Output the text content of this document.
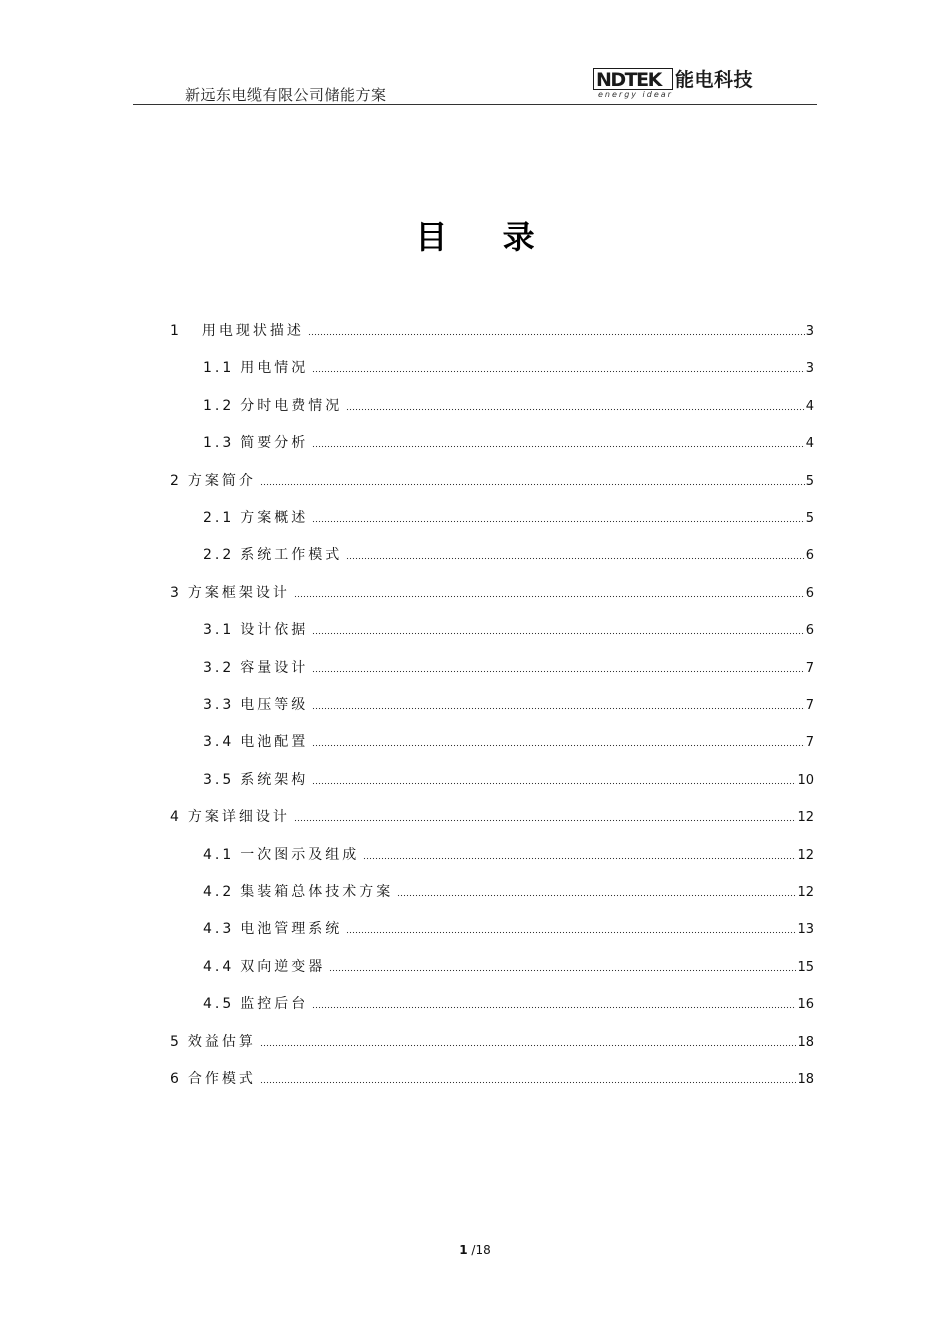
新远东电缆有限公司储能方案
NDTEK 能电科技
energy idear
目 录
1 用电现状描述	3
1.1 用电情况	3
1.2 分时电费情况	4
1.3 简要分析	4
2 方案简介	5
2.1 方案概述	5
2.2 系统工作模式	6
3 方案框架设计	6
3.1 设计依据	6
3.2 容量设计	7
3.3 电压等级	7
3.4 电池配置	7
3.5 系统架构	10
4 方案详细设计	12
4.1 一次图示及组成	12
4.2 集装箱总体技术方案	12
4.3 电池管理系统	13
4.4 双向逆变器	15
4.5 监控后台	16
5 效益估算	18
6 合作模式	18
1 /18
